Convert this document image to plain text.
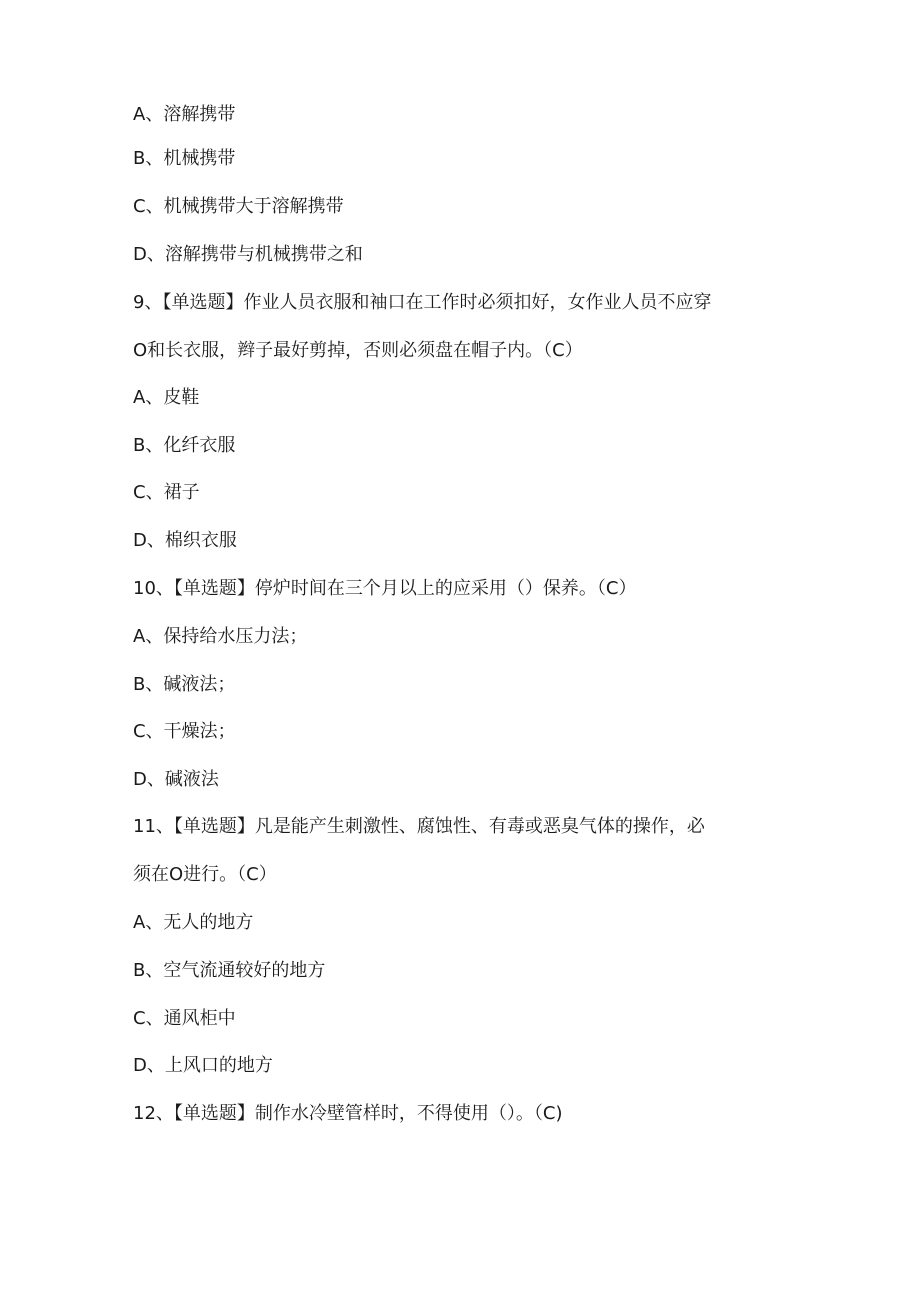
A、溶解携带
B、机械携带
C、机械携带大于溶解携带
D、溶解携带与机械携带之和
9、【单选题】作业人员衣服和袖口在工作时必须扣好，女作业人员不应穿
O和长衣服，辫子最好剪掉，否则必须盘在帽子内。（C）
A、皮鞋
B、化纤衣服
C、裙子
D、棉织衣服
10、【单选题】停炉时间在三个月以上的应采用（）保养。（C）
A、保持给水压力法；
B、碱液法；
C、干燥法；
D、碱液法
11、【单选题】凡是能产生刺激性、腐蚀性、有毒或恶臭气体的操作，必
须在O进行。（C）
A、无人的地方
B、空气流通较好的地方
C、通风柜中
D、上风口的地方
12、【单选题】制作水冷壁管样时，不得使用（）。（C)
